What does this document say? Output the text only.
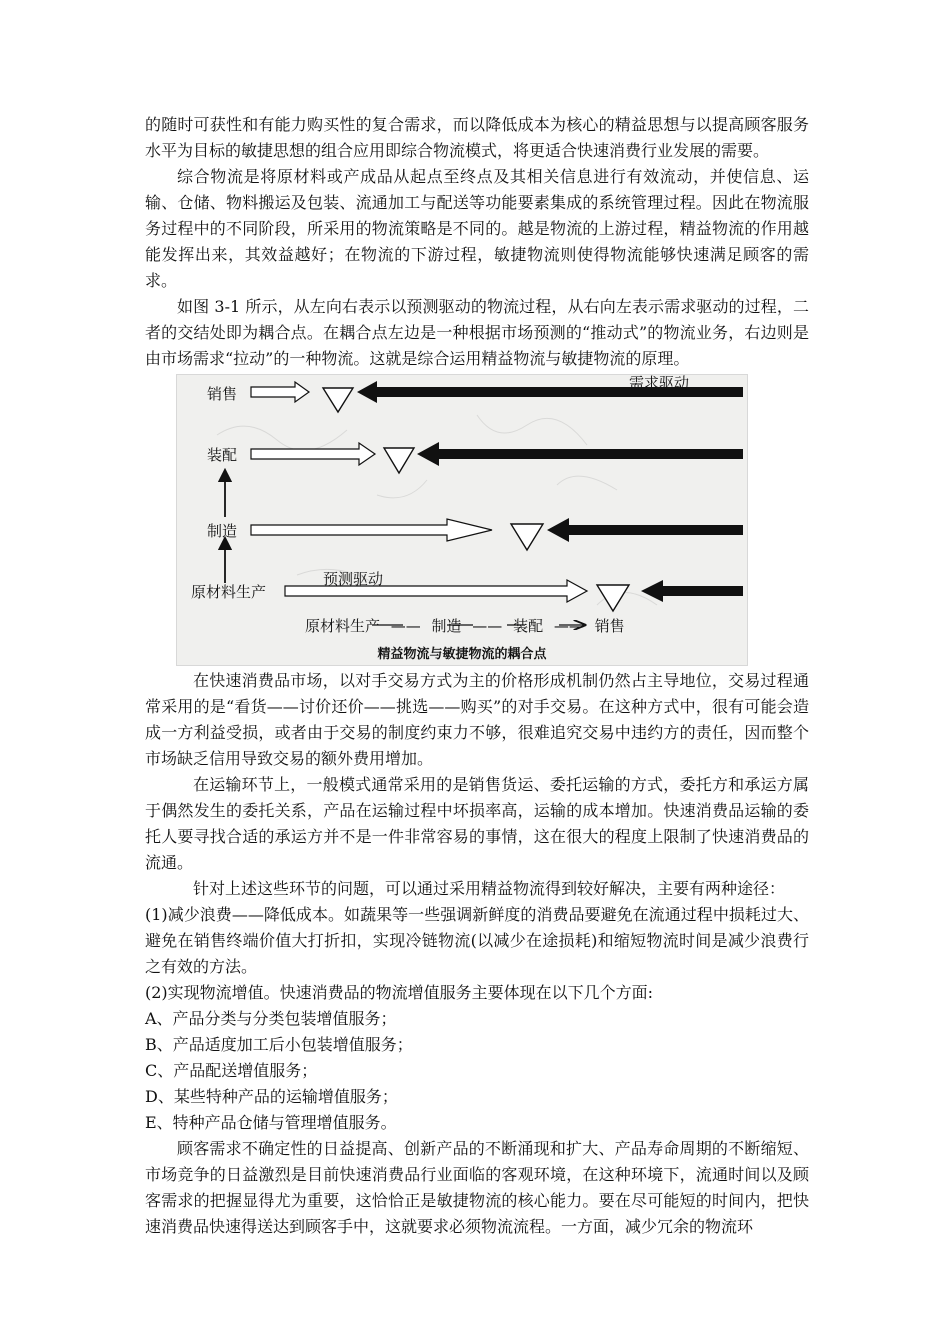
的随时可获性和有能力购买性的复合需求，而以降低成本为核心的精益思想与以提高顾客服务水平为目标的敏捷思想的组合应用即综合物流模式，将更适合快速消费行业发展的需要。

综合物流是将原材料或产成品从起点至终点及其相关信息进行有效流动，并使信息、运输、仓储、物料搬运及包装、流通加工与配送等功能要素集成的系统管理过程。因此在物流服务过程中的不同阶段，所采用的物流策略是不同的。越是物流的上游过程，精益物流的作用越能发挥出来，其效益越好；在物流的下游过程，敏捷物流则使得物流能够快速满足顾客的需求。

如图 3-1 所示，从左向右表示以预测驱动的物流过程，从右向左表示需求驱动的过程，二者的交结处即为耦合点。在耦合点左边是一种根据市场预测的“推动式”的物流业务，右边则是由市场需求“拉动”的一种物流。这就是综合运用精益物流与敏捷物流的原理。

销售
装配
制造
原材料生产
需求驱动
预测驱动
原材料生产 —— 制造 —— 装配 —— 销售
精益物流与敏捷物流的耦合点

在快速消费品市场，以对手交易方式为主的价格形成机制仍然占主导地位，交易过程通常采用的是“看货——讨价还价——挑选——购买”的对手交易。在这种方式中，很有可能会造成一方利益受损，或者由于交易的制度约束力不够，很难追究交易中违约方的责任，因而整个市场缺乏信用导致交易的额外费用增加。

在运输环节上，一般模式通常采用的是销售货运、委托运输的方式，委托方和承运方属于偶然发生的委托关系，产品在运输过程中坏损率高，运输的成本增加。快速消费品运输的委托人要寻找合适的承运方并不是一件非常容易的事情，这在很大的程度上限制了快速消费品的流通。

针对上述这些环节的问题，可以通过采用精益物流得到较好解决，主要有两种途径：

(1)减少浪费——降低成本。如蔬果等一些强调新鲜度的消费品要避免在流通过程中损耗过大、避免在销售终端价值大打折扣，实现冷链物流(以减少在途损耗)和缩短物流时间是减少浪费行之有效的方法。

(2)实现物流增值。快速消费品的物流增值服务主要体现在以下几个方面:

A、产品分类与分类包装增值服务；

B、产品适度加工后小包装增值服务；

C、产品配送增值服务；

D、某些特种产品的运输增值服务；

E、特种产品仓储与管理增值服务。

顾客需求不确定性的日益提高、创新产品的不断涌现和扩大、产品寿命周期的不断缩短、市场竞争的日益激烈是目前快速消费品行业面临的客观环境，在这种环境下，流通时间以及顾客需求的把握显得尤为重要，这恰恰正是敏捷物流的核心能力。要在尽可能短的时间内，把快速消费品快速得送达到顾客手中，这就要求必须物流流程。一方面，减少冗余的物流环
